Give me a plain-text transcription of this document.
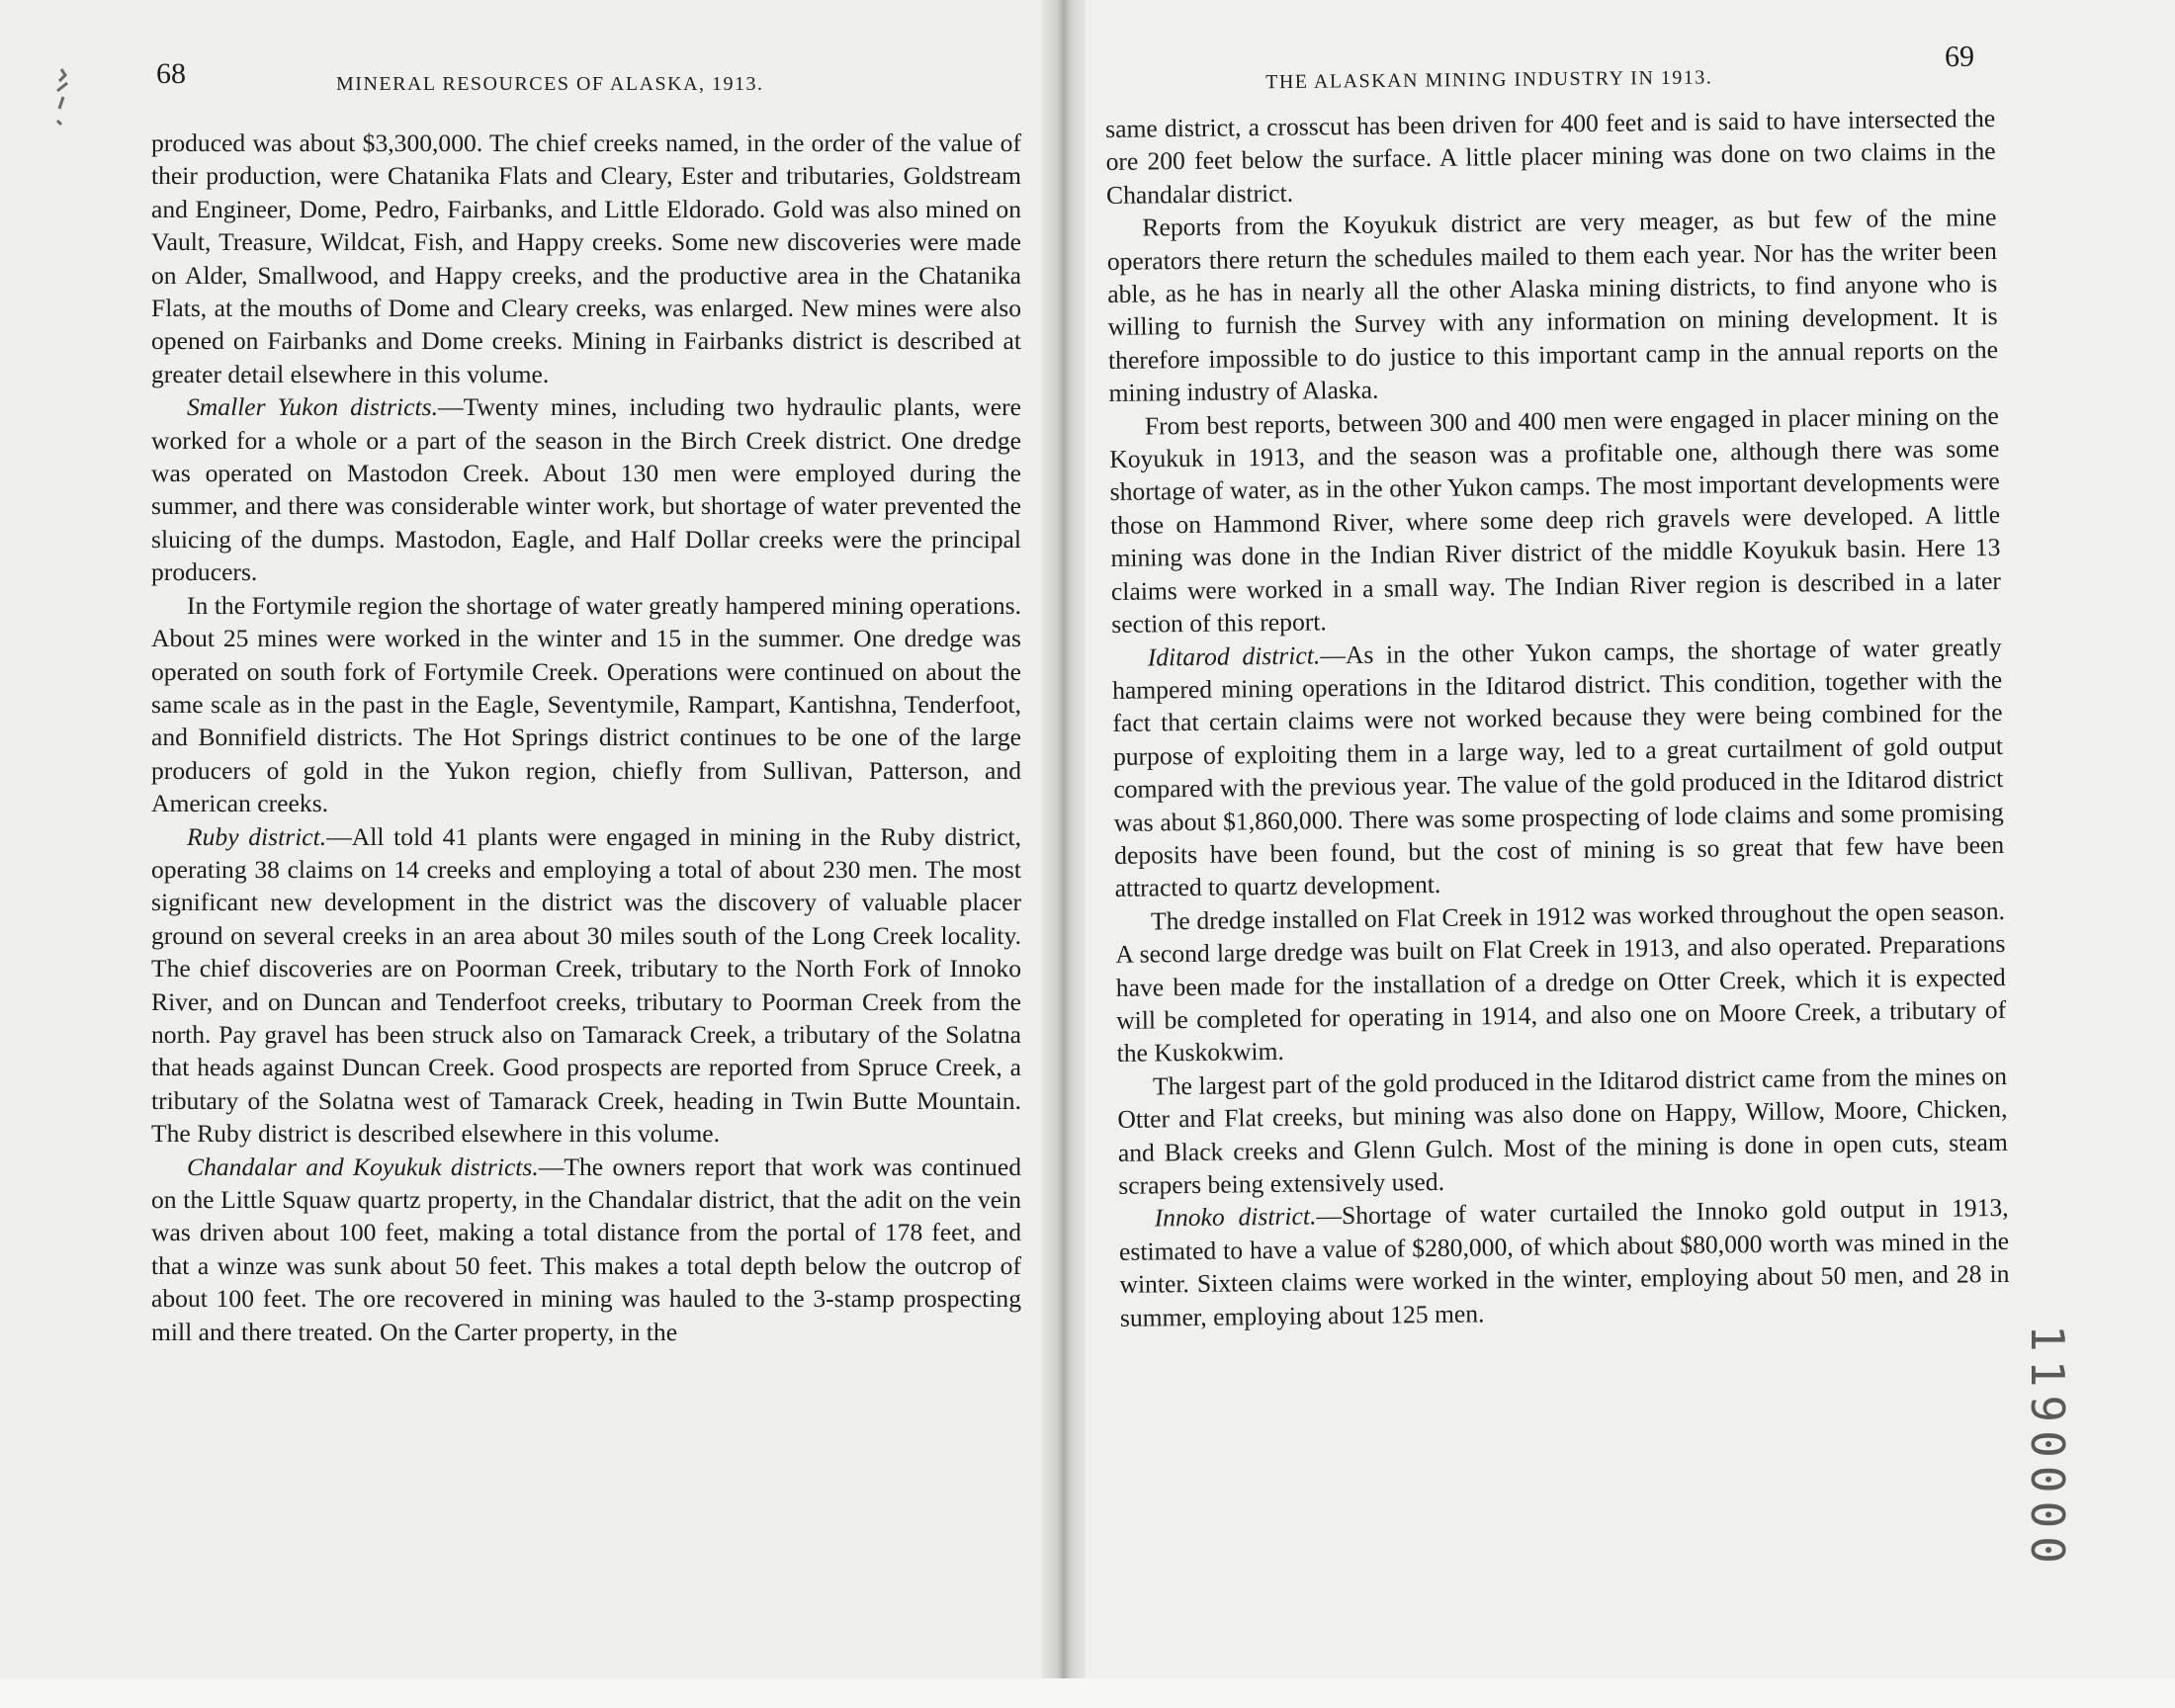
68	MINERAL RESOURCES OF ALASKA, 1913.

produced was about $3,300,000. The chief creeks named, in the order of the value of their production, were Chatanika Flats and Cleary, Ester and tributaries, Goldstream and Engineer, Dome, Pedro, Fairbanks, and Little Eldorado. Gold was also mined on Vault, Treasure, Wildcat, Fish, and Happy creeks. Some new discoveries were made on Alder, Smallwood, and Happy creeks, and the productive area in the Chatanika Flats, at the mouths of Dome and Cleary creeks, was enlarged. New mines were also opened on Fairbanks and Dome creeks. Mining in Fairbanks district is described at greater detail elsewhere in this volume.

Smaller Yukon districts.—Twenty mines, including two hydraulic plants, were worked for a whole or a part of the season in the Birch Creek district. One dredge was operated on Mastodon Creek. About 130 men were employed during the summer, and there was considerable winter work, but shortage of water prevented the sluicing of the dumps. Mastodon, Eagle, and Half Dollar creeks were the principal producers.

In the Fortymile region the shortage of water greatly hampered mining operations. About 25 mines were worked in the winter and 15 in the summer. One dredge was operated on south fork of Fortymile Creek. Operations were continued on about the same scale as in the past in the Eagle, Seventymile, Rampart, Kantishna, Tenderfoot, and Bonnifield districts. The Hot Springs district continues to be one of the large producers of gold in the Yukon region, chiefly from Sullivan, Patterson, and American creeks.

Ruby district.—All told 41 plants were engaged in mining in the Ruby district, operating 38 claims on 14 creeks and employing a total of about 230 men. The most significant new development in the district was the discovery of valuable placer ground on several creeks in an area about 30 miles south of the Long Creek locality. The chief discoveries are on Poorman Creek, tributary to the North Fork of Innoko River, and on Duncan and Tenderfoot creeks, tributary to Poorman Creek from the north. Pay gravel has been struck also on Tamarack Creek, a tributary of the Solatna that heads against Duncan Creek. Good prospects are reported from Spruce Creek, a tributary of the Solatna west of Tamarack Creek, heading in Twin Butte Mountain. The Ruby district is described elsewhere in this volume.

Chandalar and Koyukuk districts.—The owners report that work was continued on the Little Squaw quartz property, in the Chandalar district, that the adit on the vein was driven about 100 feet, making a total distance from the portal of 178 feet, and that a winze was sunk about 50 feet. This makes a total depth below the outcrop of about 100 feet. The ore recovered in mining was hauled to the 3-stamp prospecting mill and there treated. On the Carter property, in the

THE ALASKAN MINING INDUSTRY IN 1913.
69

same district, a crosscut has been driven for 400 feet and is said to have intersected the ore 200 feet below the surface. A little placer mining was done on two claims in the Chandalar district.

Reports from the Koyukuk district are very meager, as but few of the mine operators there return the schedules mailed to them each year. Nor has the writer been able, as he has in nearly all the other Alaska mining districts, to find anyone who is willing to furnish the Survey with any information on mining development. It is therefore impossible to do justice to this important camp in the annual reports on the mining industry of Alaska.

From best reports, between 300 and 400 men were engaged in placer mining on the Koyukuk in 1913, and the season was a profitable one, although there was some shortage of water, as in the other Yukon camps. The most important developments were those on Hammond River, where some deep rich gravels were developed. A little mining was done in the Indian River district of the middle Koyukuk basin. Here 13 claims were worked in a small way. The Indian River region is described in a later section of this report.

Iditarod district.—As in the other Yukon camps, the shortage of water greatly hampered mining operations in the Iditarod district. This condition, together with the fact that certain claims were not worked because they were being combined for the purpose of exploiting them in a large way, led to a great curtailment of gold output compared with the previous year. The value of the gold produced in the Iditarod district was about $1,860,000. There was some prospecting of lode claims and some promising deposits have been found, but the cost of mining is so great that few have been attracted to quartz development.

The dredge installed on Flat Creek in 1912 was worked throughout the open season. A second large dredge was built on Flat Creek in 1913, and also operated. Preparations have been made for the installation of a dredge on Otter Creek, which it is expected will be completed for operating in 1914, and also one on Moore Creek, a tributary of the Kuskokwim.

The largest part of the gold produced in the Iditarod district came from the mines on Otter and Flat creeks, but mining was also done on Happy, Willow, Moore, Chicken, and Black creeks and Glenn Gulch. Most of the mining is done in open cuts, steam scrapers being extensively used.

Innoko district.—Shortage of water curtailed the Innoko gold output in 1913, estimated to have a value of $280,000, of which about $80,000 worth was mined in the winter. Sixteen claims were worked in the winter, employing about 50 men, and 28 in summer, employing about 125 men.

1190000
